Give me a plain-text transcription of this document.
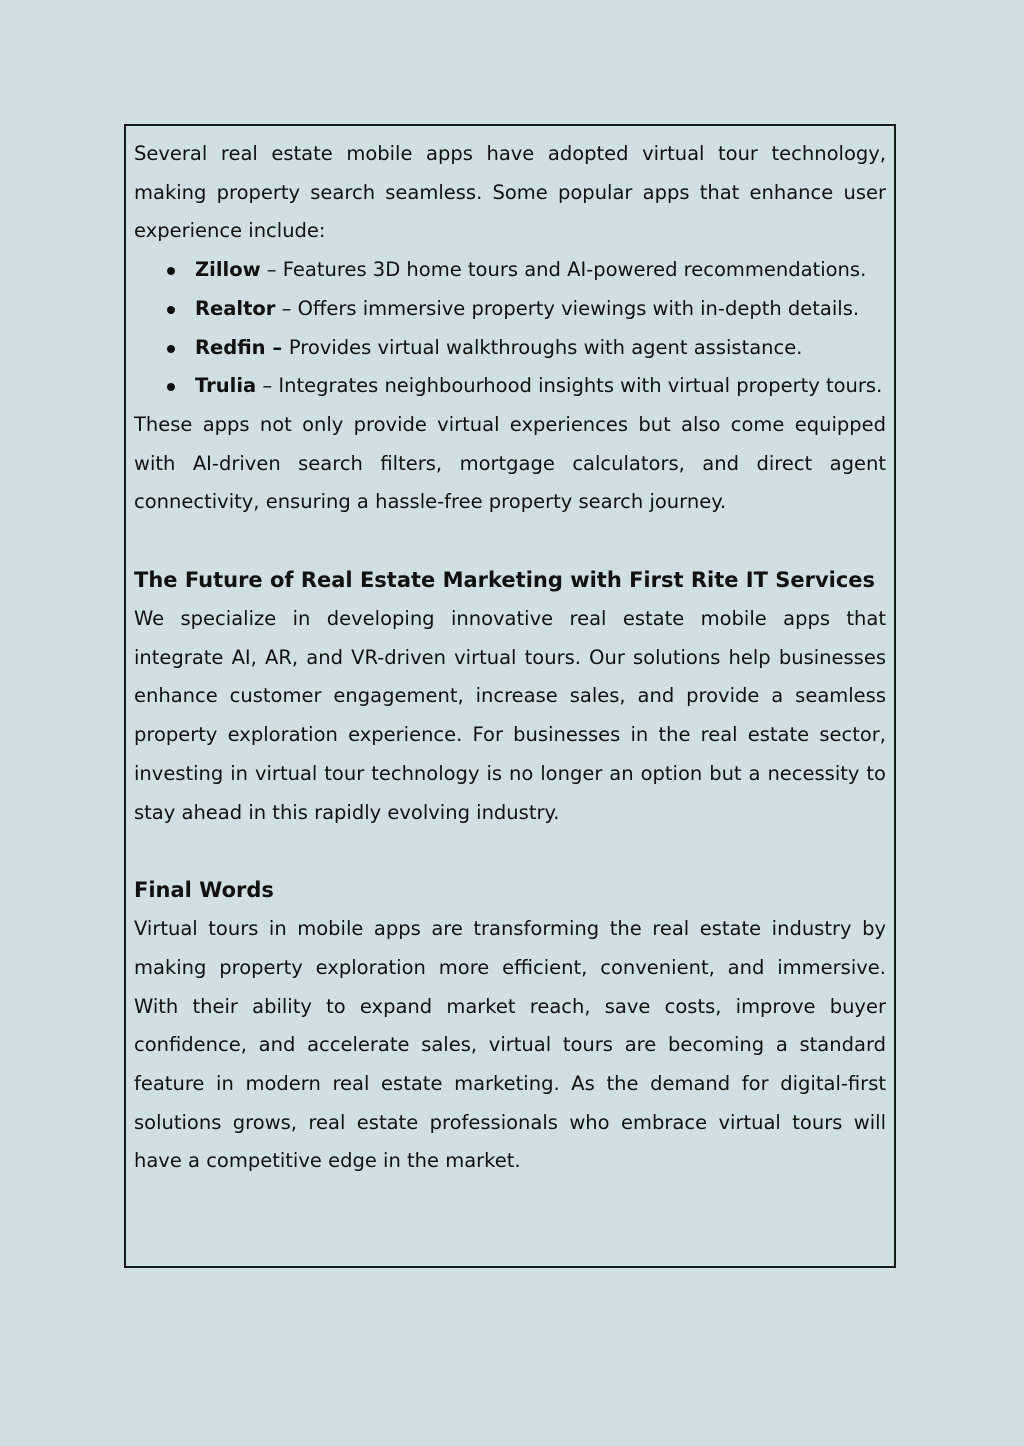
Several real estate mobile apps have adopted virtual tour technology, making property search seamless. Some popular apps that enhance user experience include:

Zillow – Features 3D home tours and AI-powered recommendations.
Realtor – Offers immersive property viewings with in-depth details.
Redfin – Provides virtual walkthroughs with agent assistance.
Trulia – Integrates neighbourhood insights with virtual property tours.

These apps not only provide virtual experiences but also come equipped with AI-driven search filters, mortgage calculators, and direct agent connectivity, ensuring a hassle-free property search journey.

The Future of Real Estate Marketing with First Rite IT Services

We specialize in developing innovative real estate mobile apps that integrate AI, AR, and VR-driven virtual tours. Our solutions help businesses enhance customer engagement, increase sales, and provide a seamless property exploration experience. For businesses in the real estate sector, investing in virtual tour technology is no longer an option but a necessity to stay ahead in this rapidly evolving industry.

Final Words

Virtual tours in mobile apps are transforming the real estate industry by making property exploration more efficient, convenient, and immersive. With their ability to expand market reach, save costs, improve buyer confidence, and accelerate sales, virtual tours are becoming a standard feature in modern real estate marketing. As the demand for digital-first solutions grows, real estate professionals who embrace virtual tours will have a competitive edge in the market.
